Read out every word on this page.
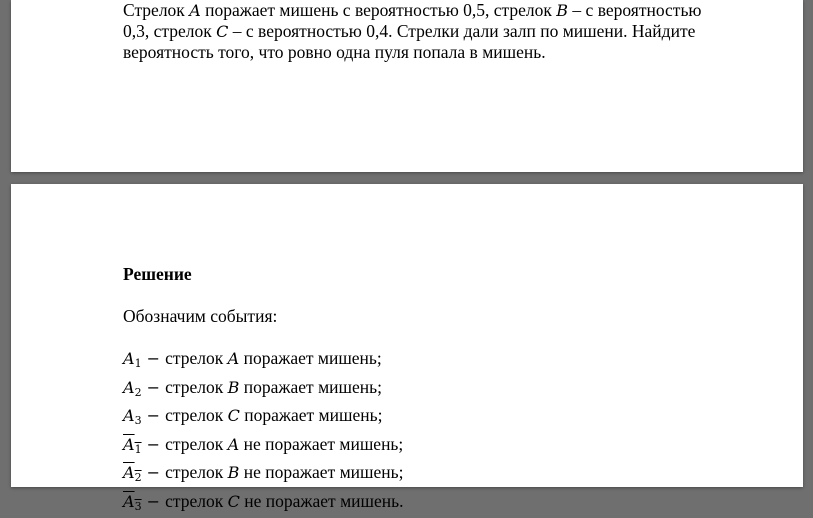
Стрелок A поражает мишень с вероятностью 0,5, стрелок B – с вероятностью

0,3, стрелок C – с вероятностью 0,4. Стрелки дали залп по мишени. Найдите

вероятность того, что ровно одна пуля попала в мишень.

Решение
Обозначим события:
$A_1$ − стрелок A поражает мишень;
$A_2$ − стрелок B поражает мишень;
$A_3$ − стрелок C поражает мишень;
$A_1$ − стрелок A не поражает мишень;
$A_2$ − стрелок B не поражает мишень;
$A_3$ − стрелок C не поражает мишень.
